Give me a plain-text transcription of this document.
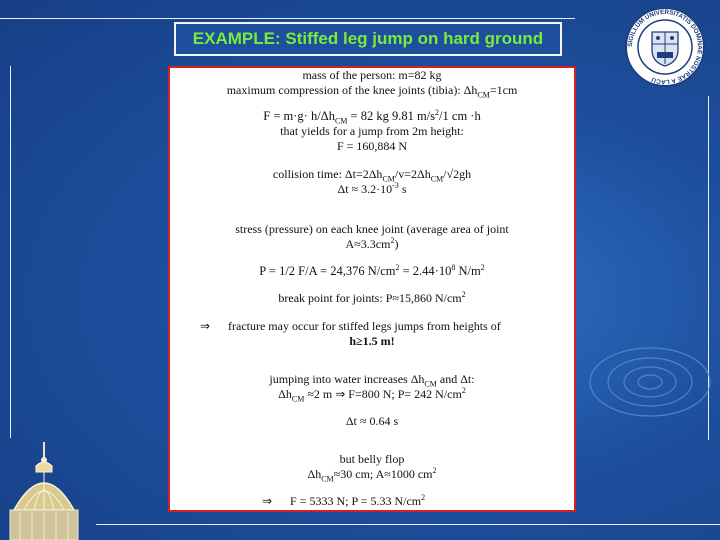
EXAMPLE: Stiffed leg jump on hard ground	SIGILLUM UNIVERSITATIS DOMINAE NOSTRAE A LACU
mass of the person: m=82 kg
maximum compression of the knee joints (tibia): $\Delta h_{CM}=1cm$
$F = m\cdot g\cdot h/\Delta h_{CM} = 82$ kg 9.81 $m/s^2/1$ cm ·h
that yields for a jump from 2m height:
F = 160,884 N
collision time: $\Delta t=2\Delta h_{CM}/v=2\Delta h_{CM}/√2gh$
$\Delta t \approx 3.2\cdot 10^{-3}$ s
stress (pressure) on each knee joint (average area of joint
$A\approx 3.3cm^2$)
P = 1/2 F/A = 24,376 $N/cm^2 = 2.44\cdot 10^8$ $N/m^2$
break point for joints: P≈15,860 $N/cm^2$
⇒ fracture may occur for stiffed legs jumps from heights of
h≥1.5 m!
jumping into water increases $\Delta h_{CM}$ and Δt:
$\Delta h_{CM} \approx 2$ m ⇒ F=800 N; P= 242 $N/cm^2$
Δt ≈ 0.64 s
but belly flop
$\Delta h_{CM}\approx 30$ cm; A≈1000 $cm^2$
⇒ F = 5333 N; P = 5.33 $N/cm^2$
